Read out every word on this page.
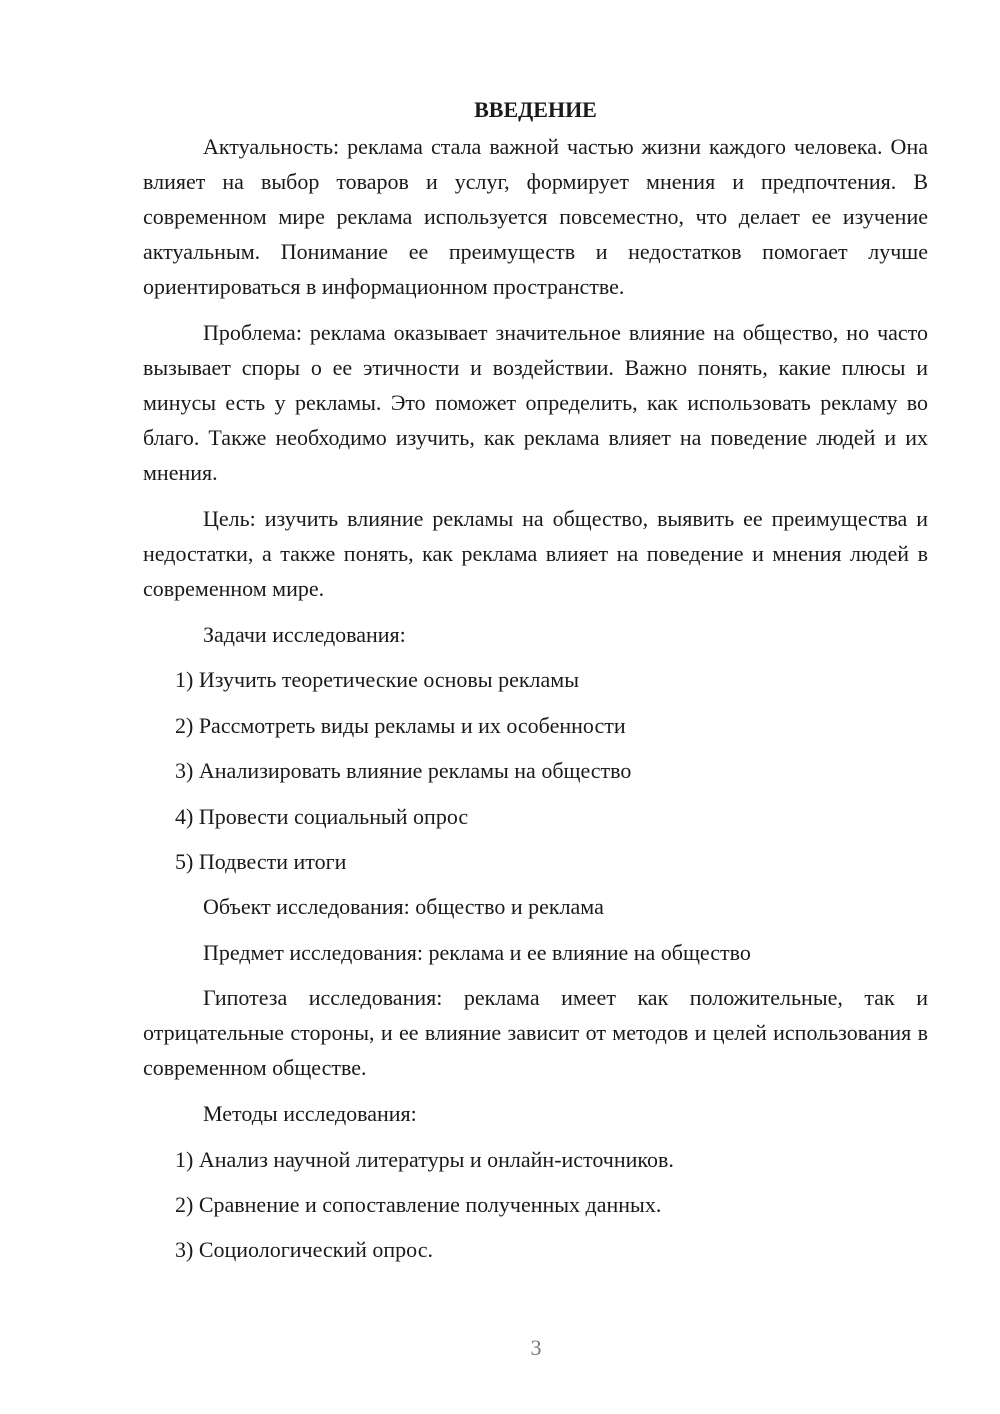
ВВЕДЕНИЕ

Актуальность: реклама стала важной частью жизни каждого человека. Она влияет на выбор товаров и услуг, формирует мнения и предпочтения. В современном мире реклама используется повсеместно, что делает ее изучение актуальным. Понимание ее преимуществ и недостатков помогает лучше ориентироваться в информационном пространстве.

Проблема: реклама оказывает значительное влияние на общество, но часто вызывает споры о ее этичности и воздействии. Важно понять, какие плюсы и минусы есть у рекламы. Это поможет определить, как использовать рекламу во благо. Также необходимо изучить, как реклама влияет на поведение людей и их мнения.

Цель: изучить влияние рекламы на общество, выявить ее преимущества и недостатки, а также понять, как реклама влияет на поведение и мнения людей в современном мире.

Задачи исследования:
1) Изучить теоретические основы рекламы
2) Рассмотреть виды рекламы и их особенности
3) Анализировать влияние рекламы на общество
4) Провести социальный опрос
5) Подвести итоги
Объект исследования: общество и реклама
Предмет исследования: реклама и ее влияние на общество

Гипотеза исследования: реклама имеет как положительные, так и отрицательные стороны, и ее влияние зависит от методов и целей использования в современном обществе.

Методы исследования:
1) Анализ научной литературы и онлайн-источников.
2) Сравнение и сопоставление полученных данных.
3) Социологический опрос.
3
